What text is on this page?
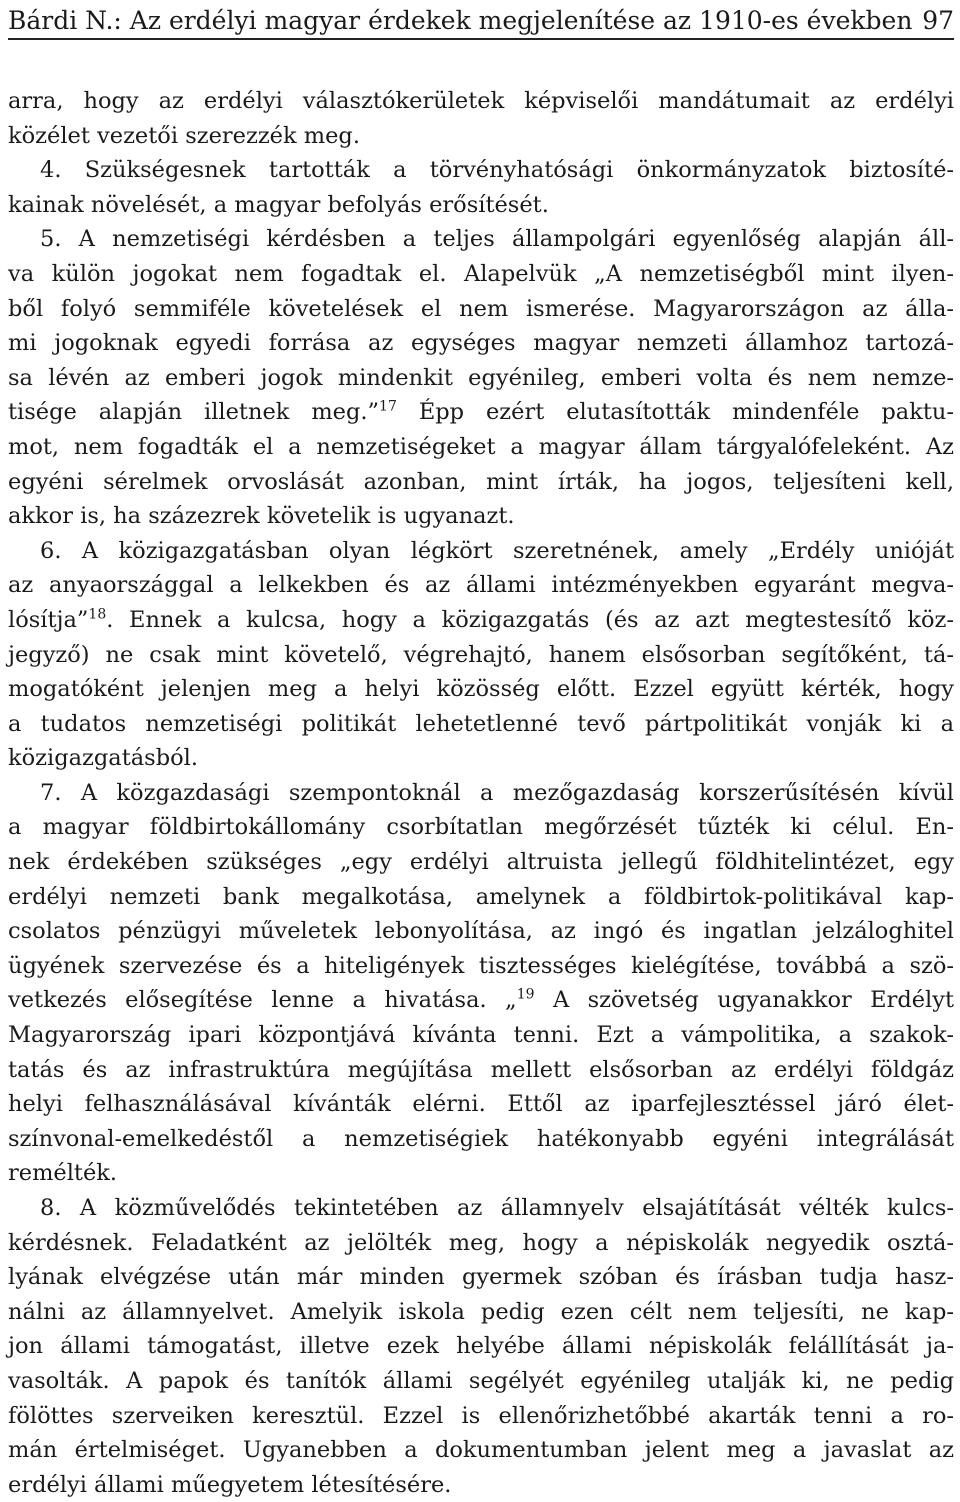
Bárdi N.: Az erdélyi magyar érdekek megjelenítése az 1910-es években 97
arra, hogy az erdélyi választókerületek képviselői mandátumait az erdélyi
közélet vezetői szerezzék meg.
4. Szükségesnek tartották a törvényhatósági önkormányzatok biztosíté-
kainak növelését, a magyar befolyás erősítését.
5. A nemzetiségi kérdésben a teljes állampolgári egyenlőség alapján áll-
va külön jogokat nem fogadtak el. Alapelvük „A nemzetiségből mint ilyen-
ből folyó semmiféle követelések el nem ismerése. Magyarországon az álla-
mi jogoknak egyedi forrása az egységes magyar nemzeti államhoz tartozá-
sa lévén az emberi jogok mindenkit egyénileg, emberi volta és nem nemze-
tisége alapján illetnek meg.”$^{17}$ Épp ezért elutasították mindenféle paktu-
mot, nem fogadták el a nemzetiségeket a magyar állam tárgyalófeleként. Az
egyéni sérelmek orvoslását azonban, mint írták, ha jogos, teljesíteni kell,
akkor is, ha százezrek követelik is ugyanazt.
6. A közigazgatásban olyan légkört szeretnének, amely „Erdély unióját
az anyaországgal a lelkekben és az állami intézményekben egyaránt megva-
lósítja”$^{18}$. Ennek a kulcsa, hogy a közigazgatás (és az azt megtestesítő köz-
jegyző) ne csak mint követelő, végrehajtó, hanem elsősorban segítőként, tá-
mogatóként jelenjen meg a helyi közösség előtt. Ezzel együtt kérték, hogy
a tudatos nemzetiségi politikát lehetetlenné tevő pártpolitikát vonják ki a
közigazgatásból.
7. A közgazdasági szempontoknál a mezőgazdaság korszerűsítésén kívül
a magyar földbirtokállomány csorbítatlan megőrzését tűzték ki célul. En-
nek érdekében szükséges „egy erdélyi altruista jellegű földhitelintézet, egy
erdélyi nemzeti bank megalkotása, amelynek a földbirtok-politikával kap-
csolatos pénzügyi műveletek lebonyolítása, az ingó és ingatlan jelzáloghitel
ügyének szervezése és a hiteligények tisztességes kielégítése, továbbá a szö-
vetkezés elősegítése lenne a hivatása. „$^{19}$ A szövetség ugyanakkor Erdélyt
Magyarország ipari központjává kívánta tenni. Ezt a vámpolitika, a szakok-
tatás és az infrastruktúra megújítása mellett elsősorban az erdélyi földgáz
helyi felhasználásával kívánták elérni. Ettől az iparfejlesztéssel járó élet-
színvonal-emelkedéstől a nemzetiségiek hatékonyabb egyéni integrálását
remélték.
8. A közművelődés tekintetében az államnyelv elsajátítását vélték kulcs-
kérdésnek. Feladatként az jelölték meg, hogy a népiskolák negyedik osztá-
lyának elvégzése után már minden gyermek szóban és írásban tudja hasz-
nálni az államnyelvet. Amelyik iskola pedig ezen célt nem teljesíti, ne kap-
jon állami támogatást, illetve ezek helyébe állami népiskolák felállítását ja-
vasolták. A papok és tanítók állami segélyét egyénileg utalják ki, ne pedig
fölöttes szerveiken keresztül. Ezzel is ellenőrizhetőbbé akarták tenni a ro-
mán értelmiséget. Ugyanebben a dokumentumban jelent meg a javaslat az
erdélyi állami műegyetem létesítésére.
